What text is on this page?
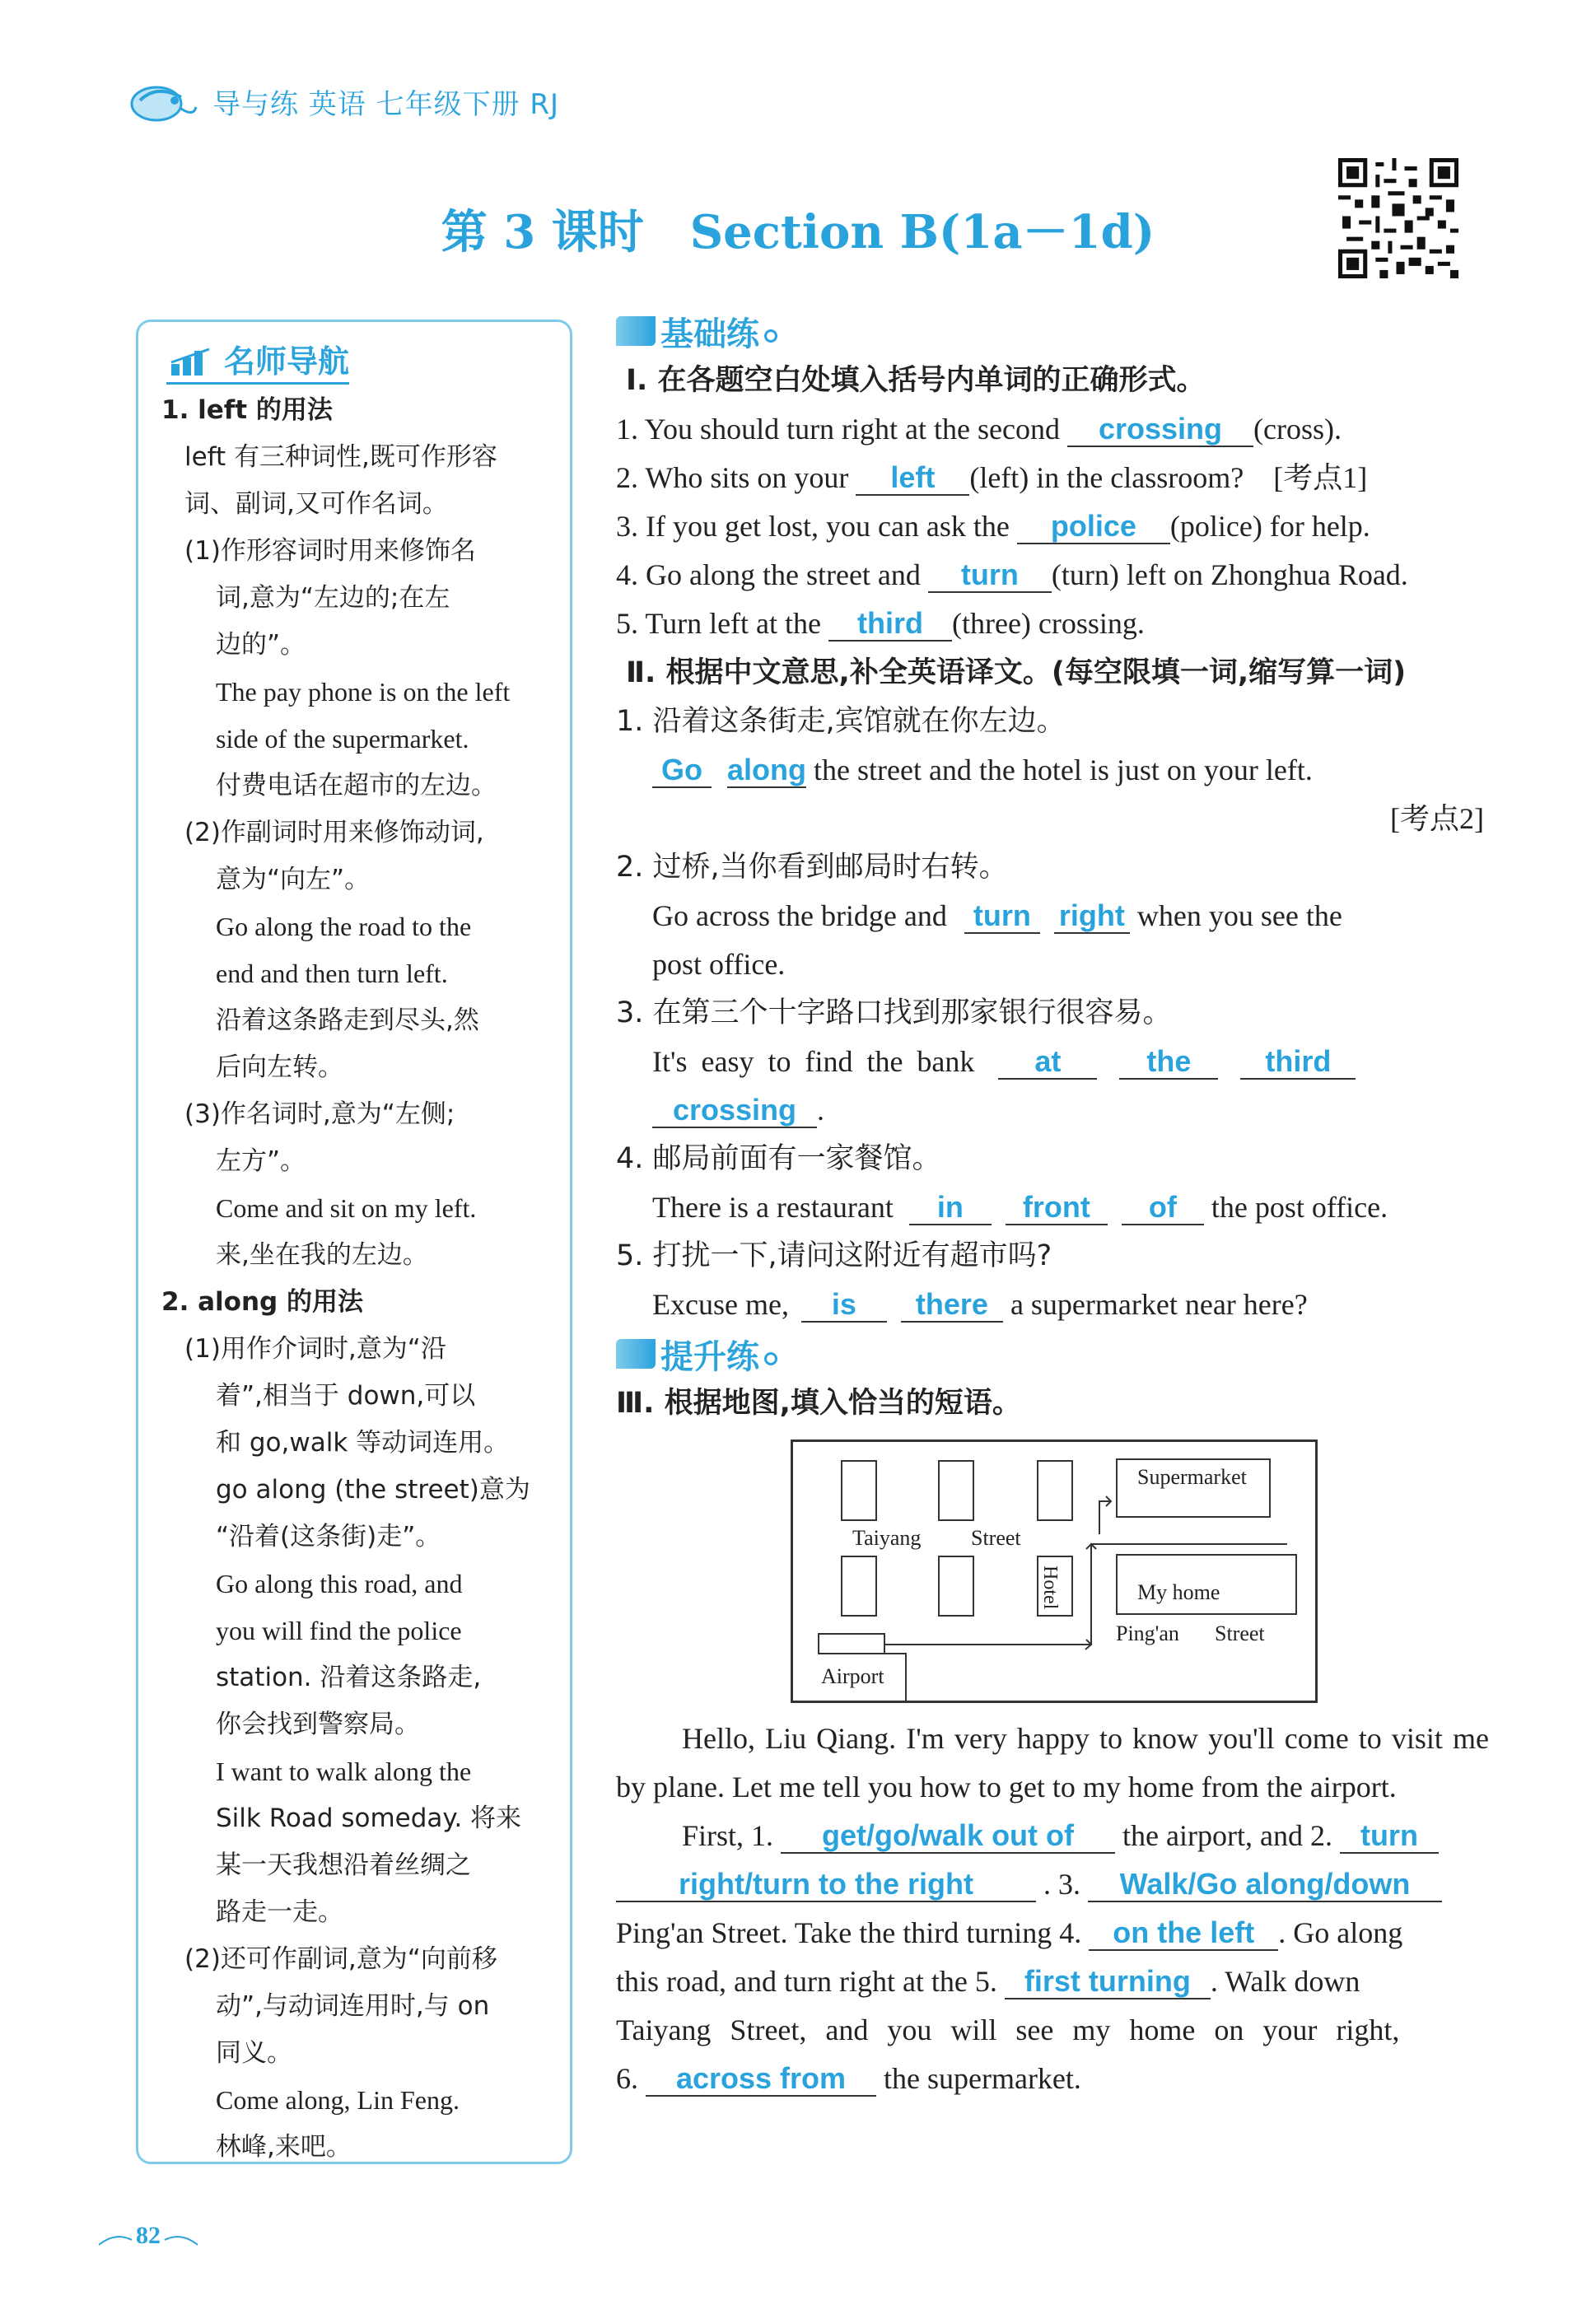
导与练 英语 七年级下册 RJ
第 3 课时　Section B(1a－1d)
名师导航
1. left 的用法
left 有三种词性,既可作形容
词、副词,又可作名词。
(1)作形容词时用来修饰名
词,意为“左边的;在左
边的”。
The pay phone is on the left
side of the supermarket.
付费电话在超市的左边。
(2)作副词时用来修饰动词,
意为“向左”。
Go along the road to the
end and then turn left.
沿着这条路走到尽头,然
后向左转。
(3)作名词时,意为“左侧;
左方”。
Come and sit on my left.
来,坐在我的左边。
2. along 的用法
(1)用作介词时,意为“沿
着”,相当于 down,可以
和 go,walk 等动词连用。
go along (the street)意为
“沿着(这条街)走”。
Go along this road, and
you will find the police
station. 沿着这条路走,
你会找到警察局。
I want to walk along the
Silk Road someday. 将来
某一天我想沿着丝绸之
路走一走。
(2)还可作副词,意为“向前移
动”,与动词连用时,与 on
同义。
Come along, Lin Feng.
林峰,来吧。
基础练
Ⅰ. 在各题空白处填入括号内单词的正确形式。
1. You should turn right at the second crossing (cross).
2. Who sits on your left (left) in the classroom?　[考点1]
3. If you get lost, you can ask the police (police) for help.
4. Go along the street and turn (turn) left on Zhonghua Road.
5. Turn left at the third (three) crossing.
Ⅱ. 根据中文意思,补全英语译文。(每空限填一词,缩写算一词)
1. 沿着这条街走,宾馆就在你左边。
Go along the street and the hotel is just on your left.
[考点2]
2. 过桥,当你看到邮局时右转。
Go across the bridge and turn right when you see the
post office.
3. 在第三个十字路口找到那家银行很容易。
It's easy to find the bank at	the	third
crossing .
4. 邮局前面有一家餐馆。
There is a restaurant in front of the post office.
5. 打扰一下,请问这附近有超市吗?
Excuse me, is there a supermarket near here?
提升练
Ⅲ. 根据地图,填入恰当的短语。
Supermarket
Taiyang Street
Hotel	My home
Ping'an Street
Airport
Hello, Liu Qiang. I'm very happy to know you'll come to visit me by plane. Let me tell you how to get to my home from the airport.
First, 1. get/go/walk out of the airport, and 2. turn
right/turn to the right . 3. Walk/Go along/down
Ping'an Street. Take the third turning 4. on the left . Go along
this road, and turn right at the 5. first turning . Walk down
Taiyang Street, and you will see my home on your right,
6. across from the supermarket.
82
